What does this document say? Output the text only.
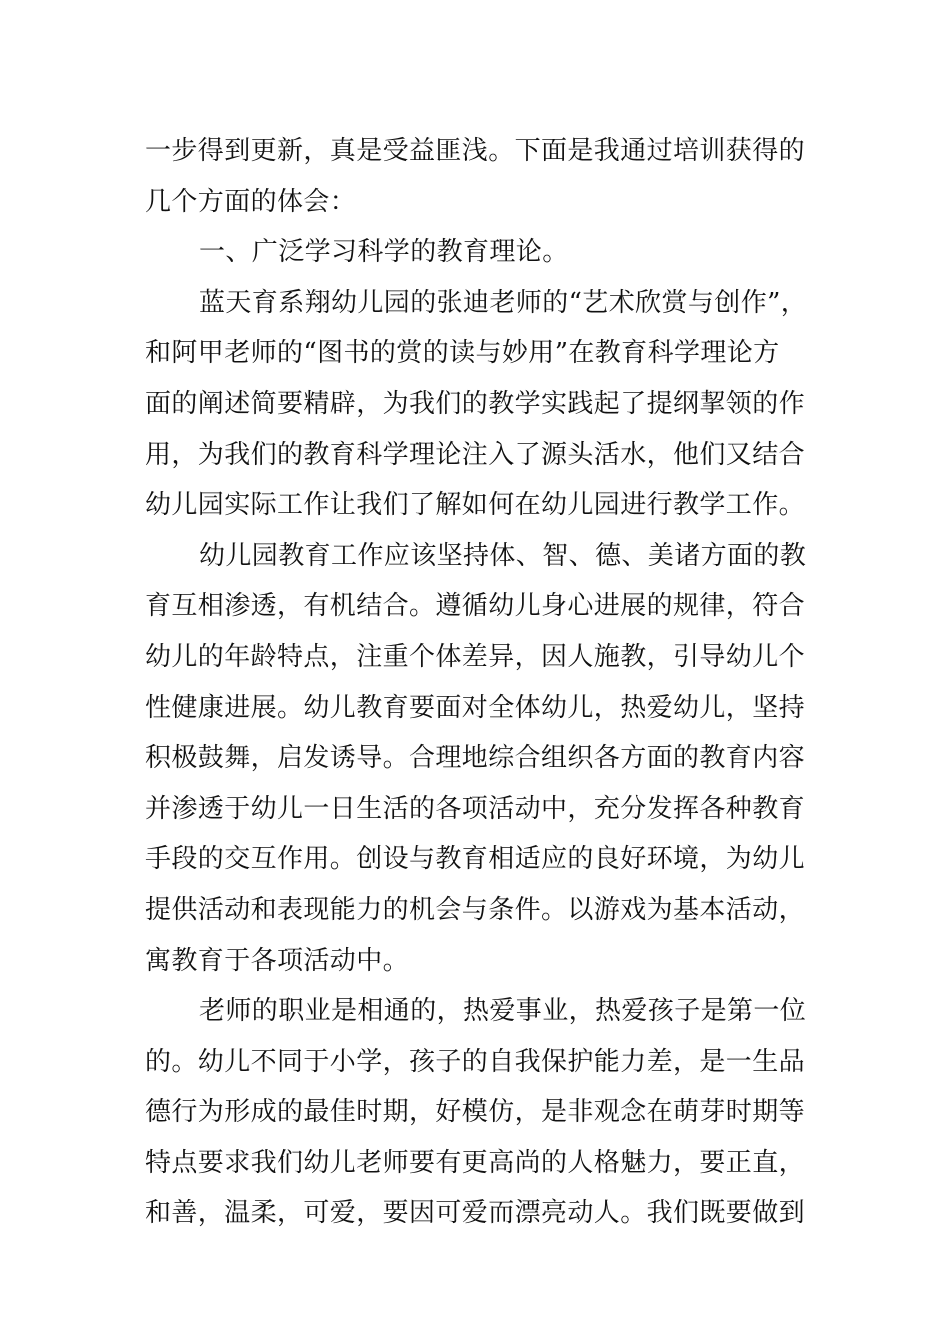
一步得到更新，真是受益匪浅。下面是我通过培训获得的
几个方面的体会：
一、广泛学习科学的教育理论。
蓝天育系翔幼儿园的张迪老师的“艺术欣赏与创作”，
和阿甲老师的“图书的赏的读与妙用”在教育科学理论方
面的阐述简要精辟，为我们的教学实践起了提纲挈领的作
用，为我们的教育科学理论注入了源头活水，他们又结合
幼儿园实际工作让我们了解如何在幼儿园进行教学工作。
幼儿园教育工作应该坚持体、智、德、美诸方面的教
育互相渗透，有机结合。遵循幼儿身心进展的规律，符合
幼儿的年龄特点，注重个体差异，因人施教，引导幼儿个
性健康进展。幼儿教育要面对全体幼儿，热爱幼儿，坚持
积极鼓舞，启发诱导。合理地综合组织各方面的教育内容
并渗透于幼儿一日生活的各项活动中，充分发挥各种教育
手段的交互作用。创设与教育相适应的良好环境，为幼儿
提供活动和表现能力的机会与条件。以游戏为基本活动，
寓教育于各项活动中。
老师的职业是相通的，热爱事业，热爱孩子是第一位
的。幼儿不同于小学，孩子的自我保护能力差，是一生品
德行为形成的最佳时期，好模仿，是非观念在萌芽时期等
特点要求我们幼儿老师要有更高尚的人格魅力，要正直，
和善，温柔，可爱，要因可爱而漂亮动人。我们既要做到
